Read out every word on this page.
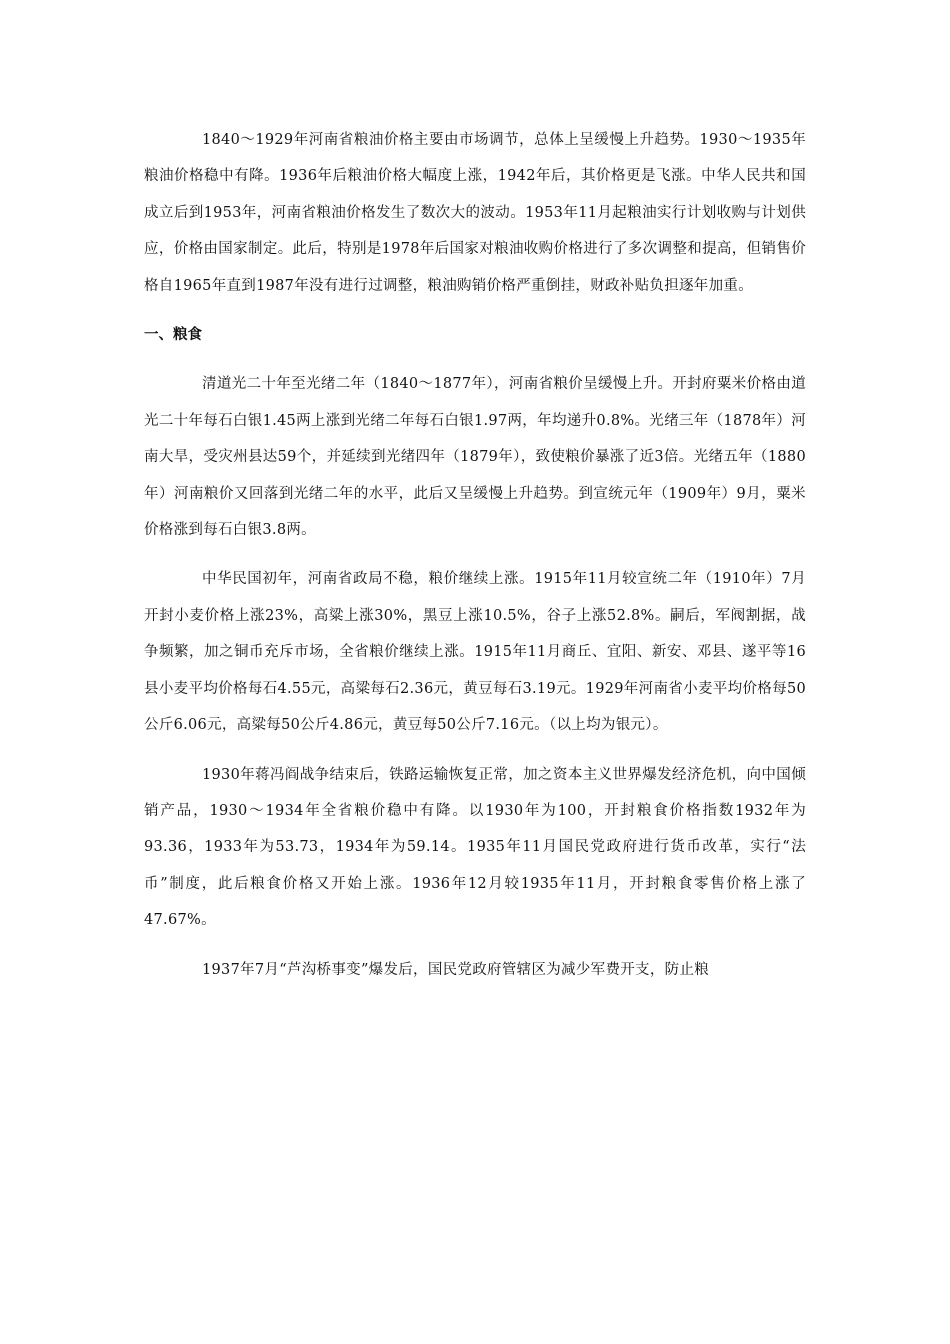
1840～1929年河南省粮油价格主要由市场调节，总体上呈缓慢上升趋势。1930～1935年粮油价格稳中有降。1936年后粮油价格大幅度上涨，1942年后，其价格更是飞涨。中华人民共和国成立后到1953年，河南省粮油价格发生了数次大的波动。1953年11月起粮油实行计划收购与计划供应，价格由国家制定。此后，特别是1978年后国家对粮油收购价格进行了多次调整和提高，但销售价格自1965年直到1987年没有进行过调整，粮油购销价格严重倒挂，财政补贴负担逐年加重。

一、粮食

清道光二十年至光绪二年（1840～1877年），河南省粮价呈缓慢上升。开封府粟米价格由道光二十年每石白银1.45两上涨到光绪二年每石白银1.97两，年均递升0.8%。光绪三年（1878年）河南大旱，受灾州县达59个，并延续到光绪四年（1879年），致使粮价暴涨了近3倍。光绪五年（1880年）河南粮价又回落到光绪二年的水平，此后又呈缓慢上升趋势。到宣统元年（1909年）9月，粟米价格涨到每石白银3.8两。

中华民国初年，河南省政局不稳，粮价继续上涨。1915年11月较宣统二年（1910年）7月开封小麦价格上涨23%，高粱上涨30%，黑豆上涨10.5%，谷子上涨52.8%。嗣后，军阀割据，战争频繁，加之铜币充斥市场，全省粮价继续上涨。1915年11月商丘、宜阳、新安、邓县、遂平等16县小麦平均价格每石4.55元，高粱每石2.36元，黄豆每石3.19元。1929年河南省小麦平均价格每50公斤6.06元，高粱每50公斤4.86元，黄豆每50公斤7.16元。（以上均为银元）。

1930年蒋冯阎战争结束后，铁路运输恢复正常，加之资本主义世界爆发经济危机，向中国倾销产品，1930～1934年全省粮价稳中有降。以1930年为100，开封粮食价格指数1932年为93.36，1933年为53.73，1934年为59.14。1935年11月国民党政府进行货币改革，实行“法币”制度，此后粮食价格又开始上涨。1936年12月较1935年11月，开封粮食零售价格上涨了47.67%。

1937年7月“芦沟桥事变”爆发后，国民党政府管辖区为减少军费开支，防止粮
